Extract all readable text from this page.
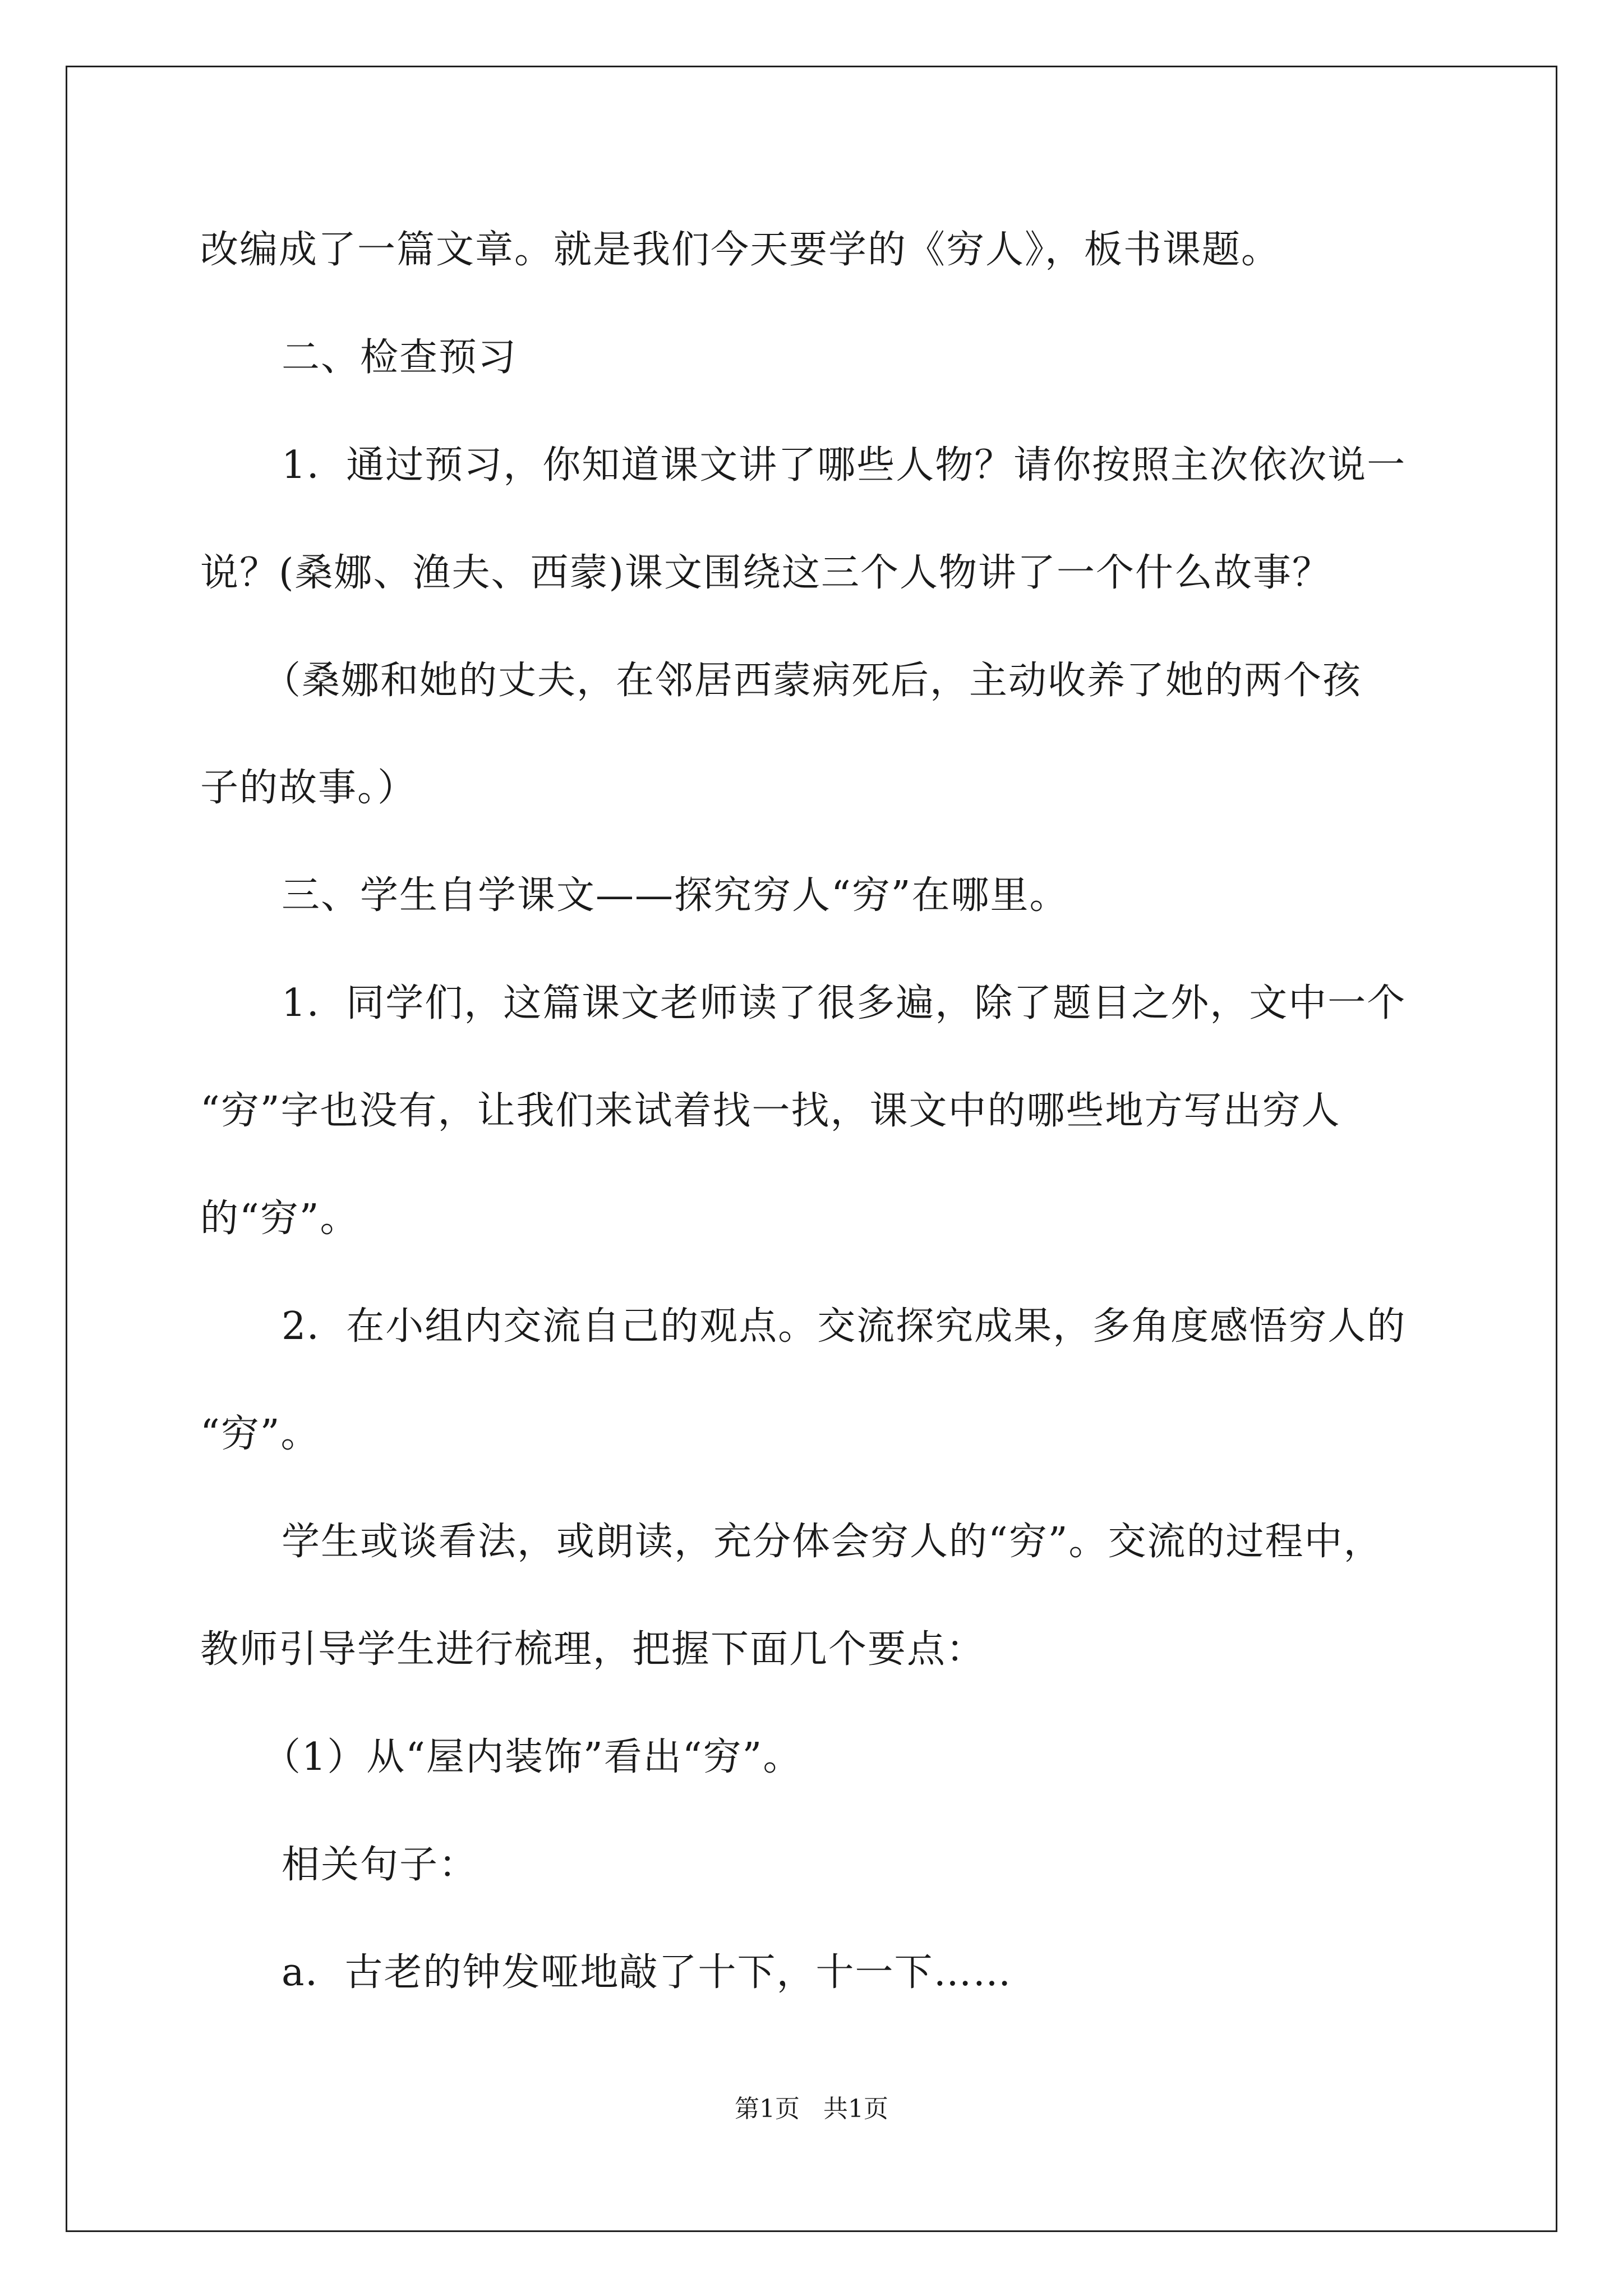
改编成了一篇文章。就是我们今天要学的《穷人》，板书课题。
二、检查预习
1．通过预习，你知道课文讲了哪些人物？请你按照主次依次说一
说？(桑娜、渔夫、西蒙)课文围绕这三个人物讲了一个什么故事？
（桑娜和她的丈夫，在邻居西蒙病死后，主动收养了她的两个孩
子的故事。）
三、学生自学课文——探究穷人“穷”在哪里。
1．同学们，这篇课文老师读了很多遍，除了题目之外，文中一个
“穷”字也没有，让我们来试着找一找，课文中的哪些地方写出穷人
的“穷”。
2．在小组内交流自己的观点。交流探究成果，多角度感悟穷人的
“穷”。
学生或谈看法，或朗读，充分体会穷人的“穷”。交流的过程中，
教师引导学生进行梳理，把握下面几个要点：
（1）从“屋内装饰”看出“穷”。
相关句子：
a．古老的钟发哑地敲了十下，十一下……
第1页   共1页
